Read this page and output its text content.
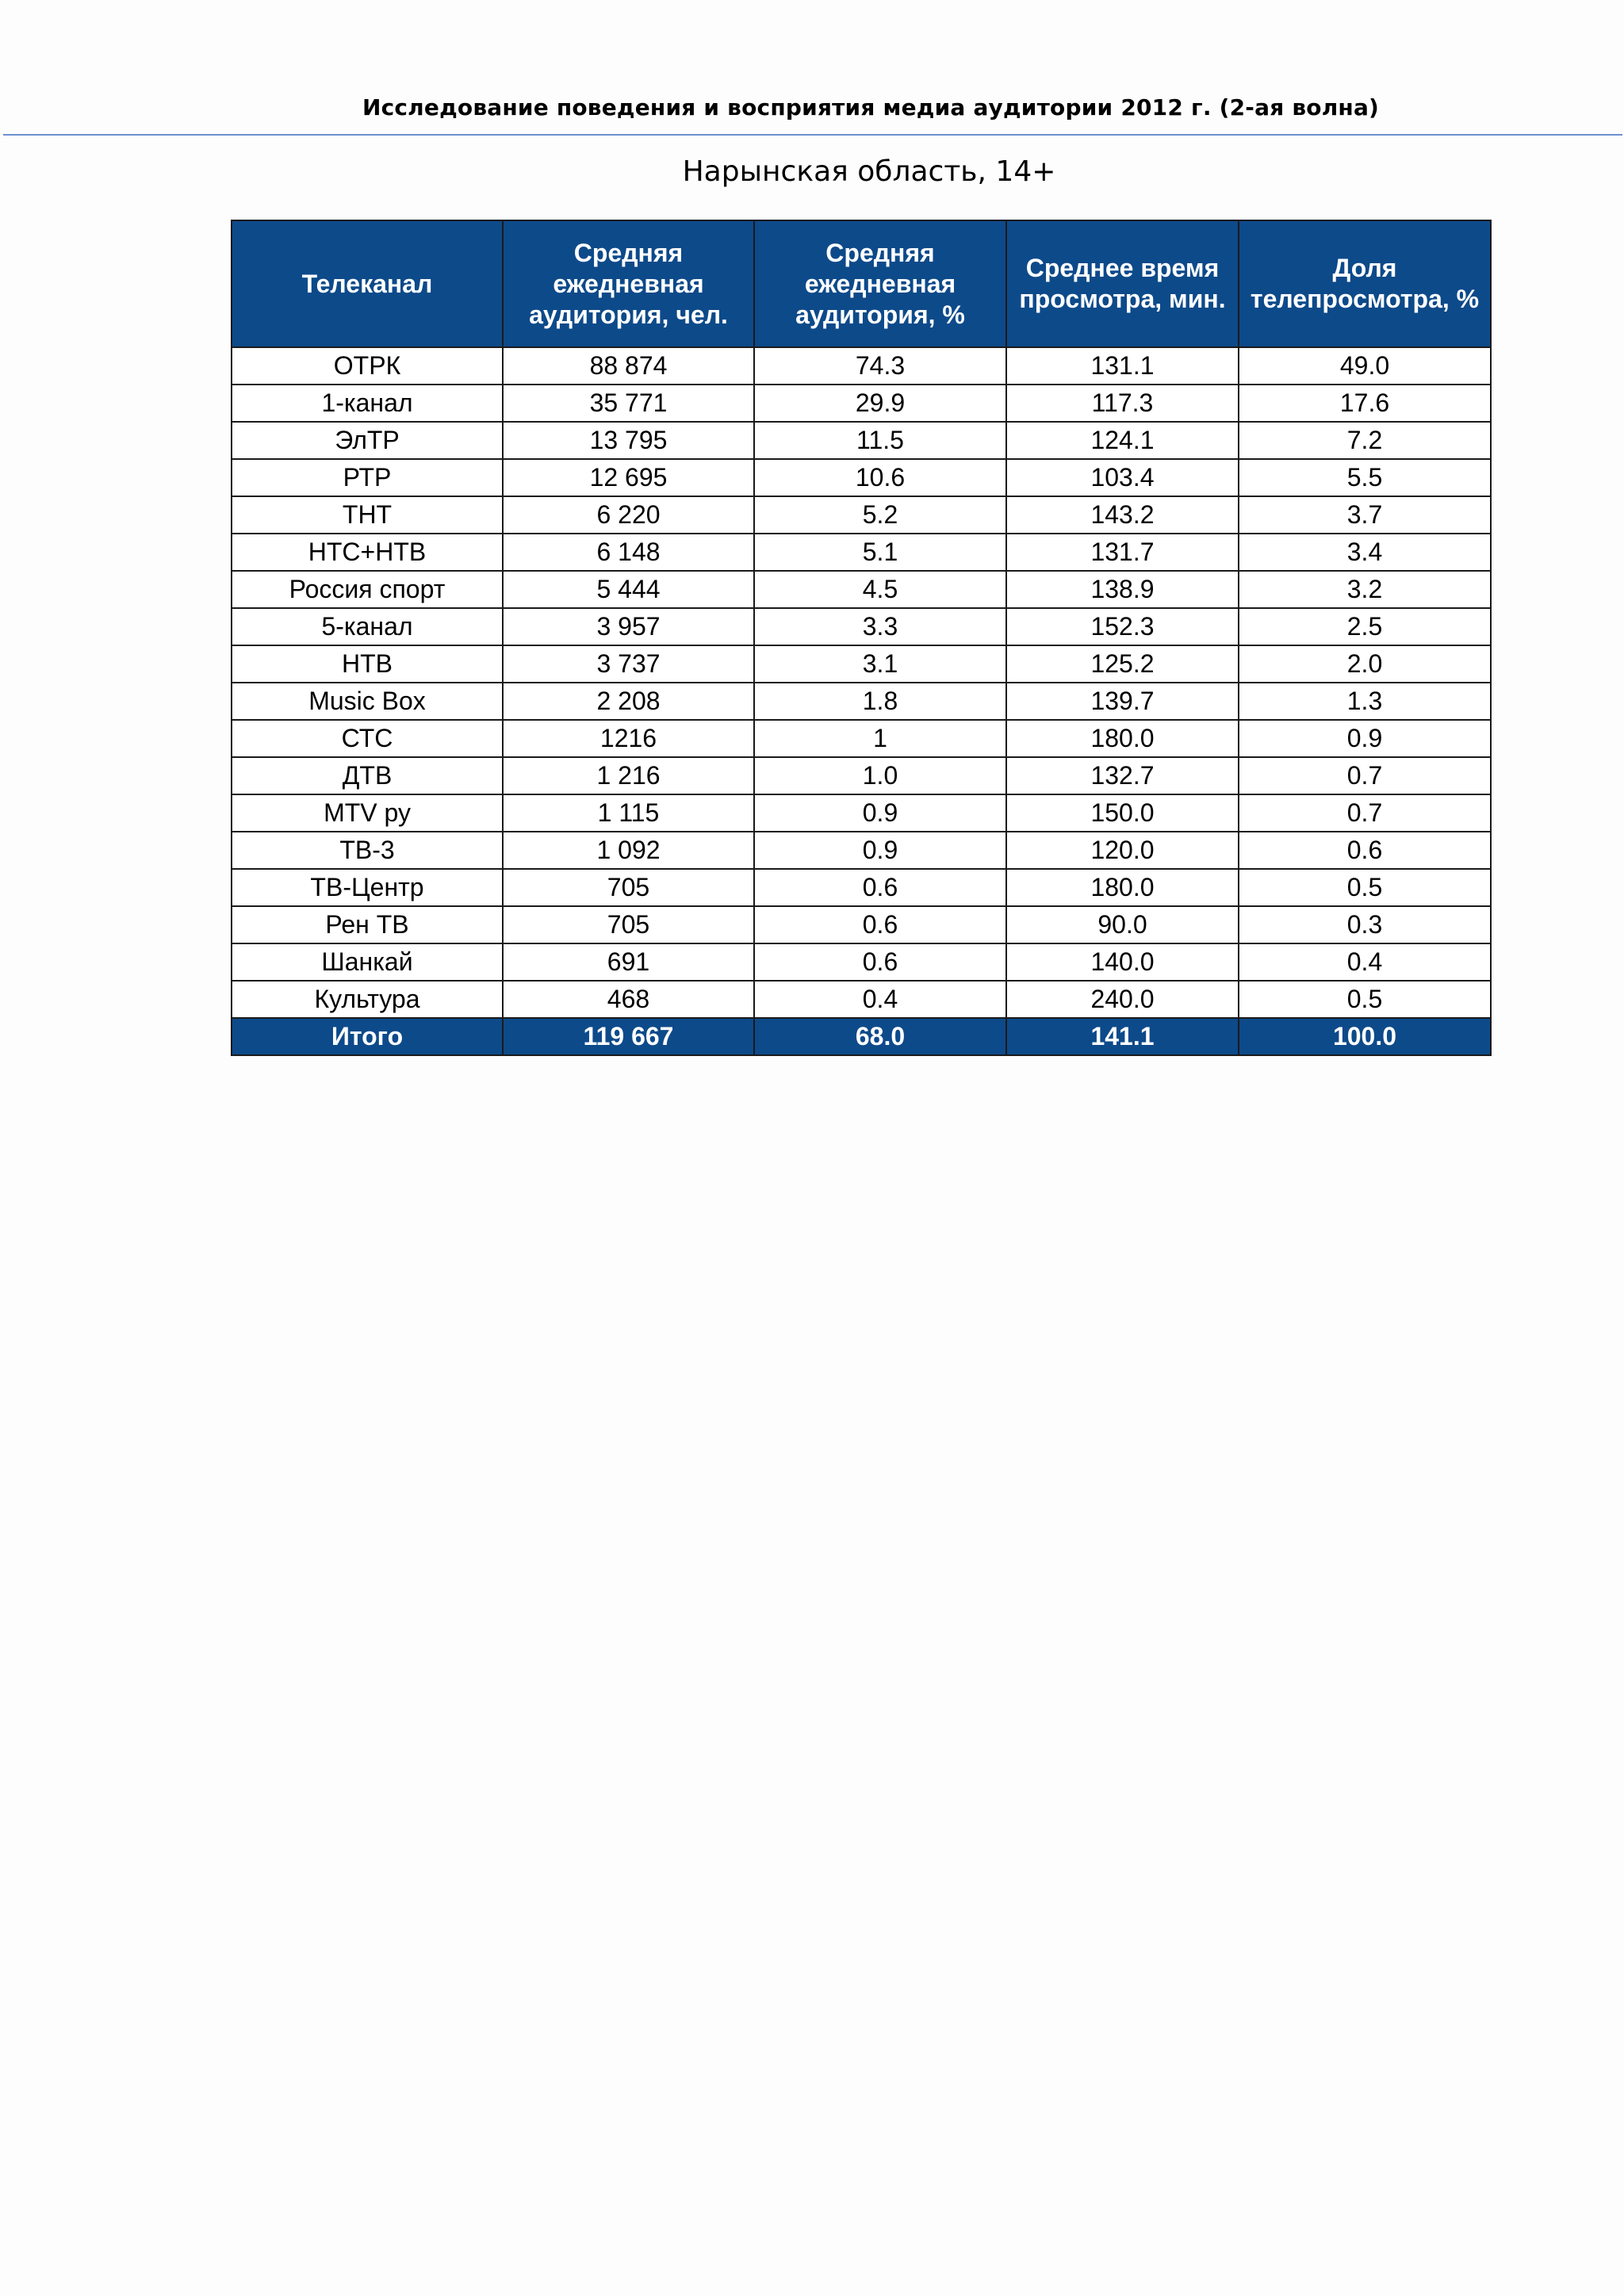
Исследование поведения и восприятия медиа аудитории 2012 г. (2-ая волна)
Нарынская область, 14+
Телеканал	Средняя ежедневная аудитория, чел.	Средняя ежедневная аудитория, %	Среднее время просмотра, мин.	Доля телепросмотра, %
ОТРК	88 874	74.3	131.1	49.0
1-канал	35 771	29.9	117.3	17.6
ЭлТР	13 795	11.5	124.1	7.2
РТР	12 695	10.6	103.4	5.5
ТНТ	6 220	5.2	143.2	3.7
НТС+НТВ	6 148	5.1	131.7	3.4
Россия спорт	5 444	4.5	138.9	3.2
5-канал	3 957	3.3	152.3	2.5
НТВ	3 737	3.1	125.2	2.0
Music Box	2 208	1.8	139.7	1.3
СТС	1216	1	180.0	0.9
ДТВ	1 216	1.0	132.7	0.7
MTV ру	1 115	0.9	150.0	0.7
ТВ-3	1 092	0.9	120.0	0.6
ТВ-Центр	705	0.6	180.0	0.5
Рен ТВ	705	0.6	90.0	0.3
Шанкай	691	0.6	140.0	0.4
Культура	468	0.4	240.0	0.5
Итого	119 667	68.0	141.1	100.0
